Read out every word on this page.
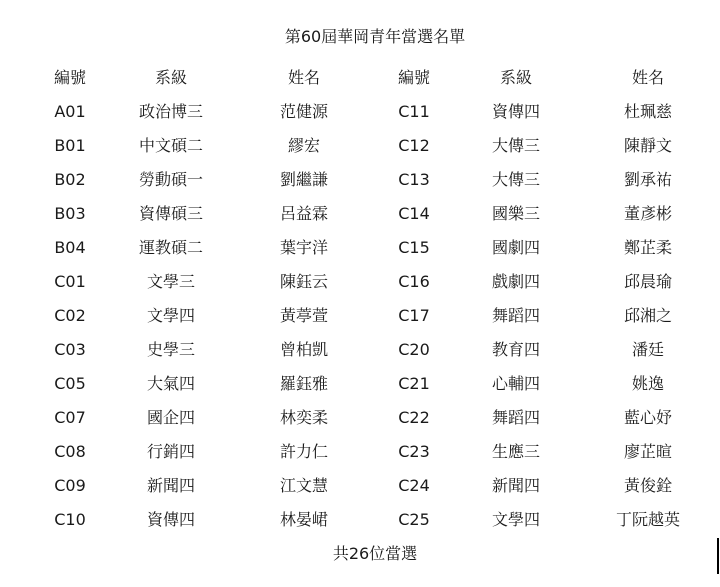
第60屆華岡青年當選名單
編號	系級	姓名	編號	系級	姓名
A01	政治博三	范健源	C11	資傳四	杜珮慈
B01	中文碩二	繆宏	C12	大傳三	陳靜文
B02	勞動碩一	劉繼謙	C13	大傳三	劉承祐
B03	資傳碩三	呂益霖	C14	國樂三	董彥彬
B04	運教碩二	葉宇洋	C15	國劇四	鄭芷柔
C01	文學三	陳鈺云	C16	戲劇四	邱晨瑜
C02	文學四	黃葶萱	C17	舞蹈四	邱湘之
C03	史學三	曾柏凱	C20	教育四	潘廷
C05	大氣四	羅鈺雅	C21	心輔四	姚逸
C07	國企四	林奕柔	C22	舞蹈四	藍心妤
C08	行銷四	許力仁	C23	生應三	廖芷暄
C09	新聞四	江文慧	C24	新聞四	黃俊銓
C10	資傳四	林晏峮	C25	文學四	丁阮越英
共26位當選
